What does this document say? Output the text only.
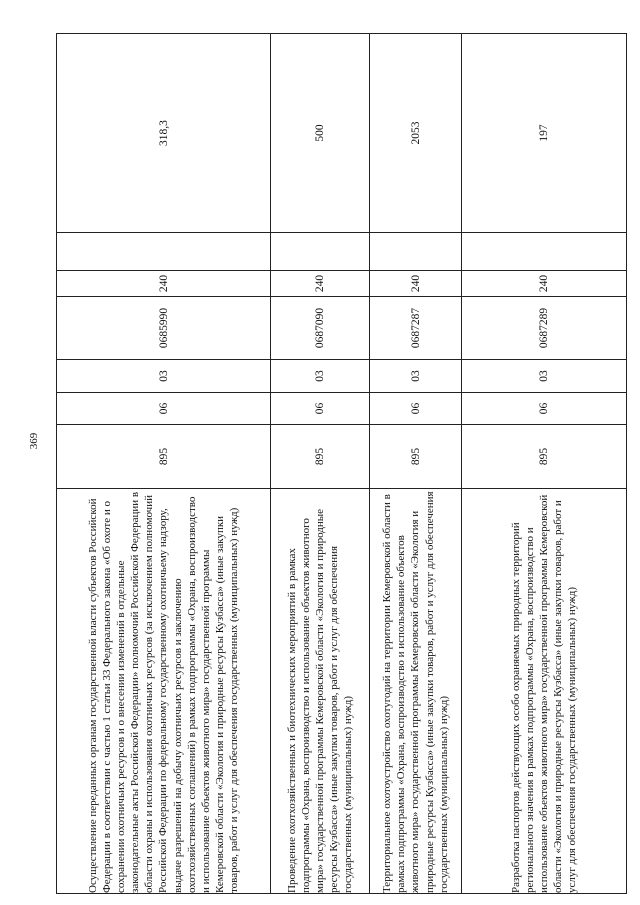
369
Осуществление переданных органам государственной власти субъектов Российской Федерации в соответствии с частью 1 статьи 33 Федерального закона «Об охоте и о сохранении охотничьих ресурсов и о внесении изменений в отдельные законодательные акты Российской Федерации» полномочий Российской Федерации в области охраны и использования охотничьих ресурсов (за исключением полномочий Российской Федерации по федеральному государственному охотничьему надзору, выдаче разрешений на добычу охотничьих ресурсов и заключению охотхозяйственных соглашений) в рамках подпрограммы «Охрана, воспроизводство и использование объектов животного мира» государственной программы Кемеровской области «Экология и природные ресурсы Кузбасса» (иные закупки товаров, работ и услуг для обеспечения государственных (муниципальных) нужд)	895	06	03	0685990	240		318,3
Проведение охотхозяйственных и биотехнических мероприятий в рамках подпрограммы «Охрана, воспроизводство и использование объектов животного мира» государственной программы Кемеровской области «Экология и природные ресурсы Кузбасса» (иные закупки товаров, работ и услуг для обеспечения государственных (муниципальных) нужд)	895	06	03	0687090	240		500
Территориальное охотоустройство охотугодий на территории Кемеровской области в рамках подпрограммы «Охрана, воспроизводство и использование объектов животного мира» государственной программы Кемеровской области «Экология и природные ресурсы Кузбасса» (иные закупки товаров, работ и услуг для обеспечения государственных (муниципальных) нужд)	895	06	03	0687287	240		2053
Разработка паспортов действующих особо охраняемых природных территорий регионального значения в рамках подпрограммы «Охрана, воспроизводство и использование объектов животного мира» государственной программы Кемеровской области «Экология и природные ресурсы Кузбасса» (иные закупки товаров, работ и услуг для обеспечения государственных (муниципальных) нужд)	895	06	03	0687289	240		197
